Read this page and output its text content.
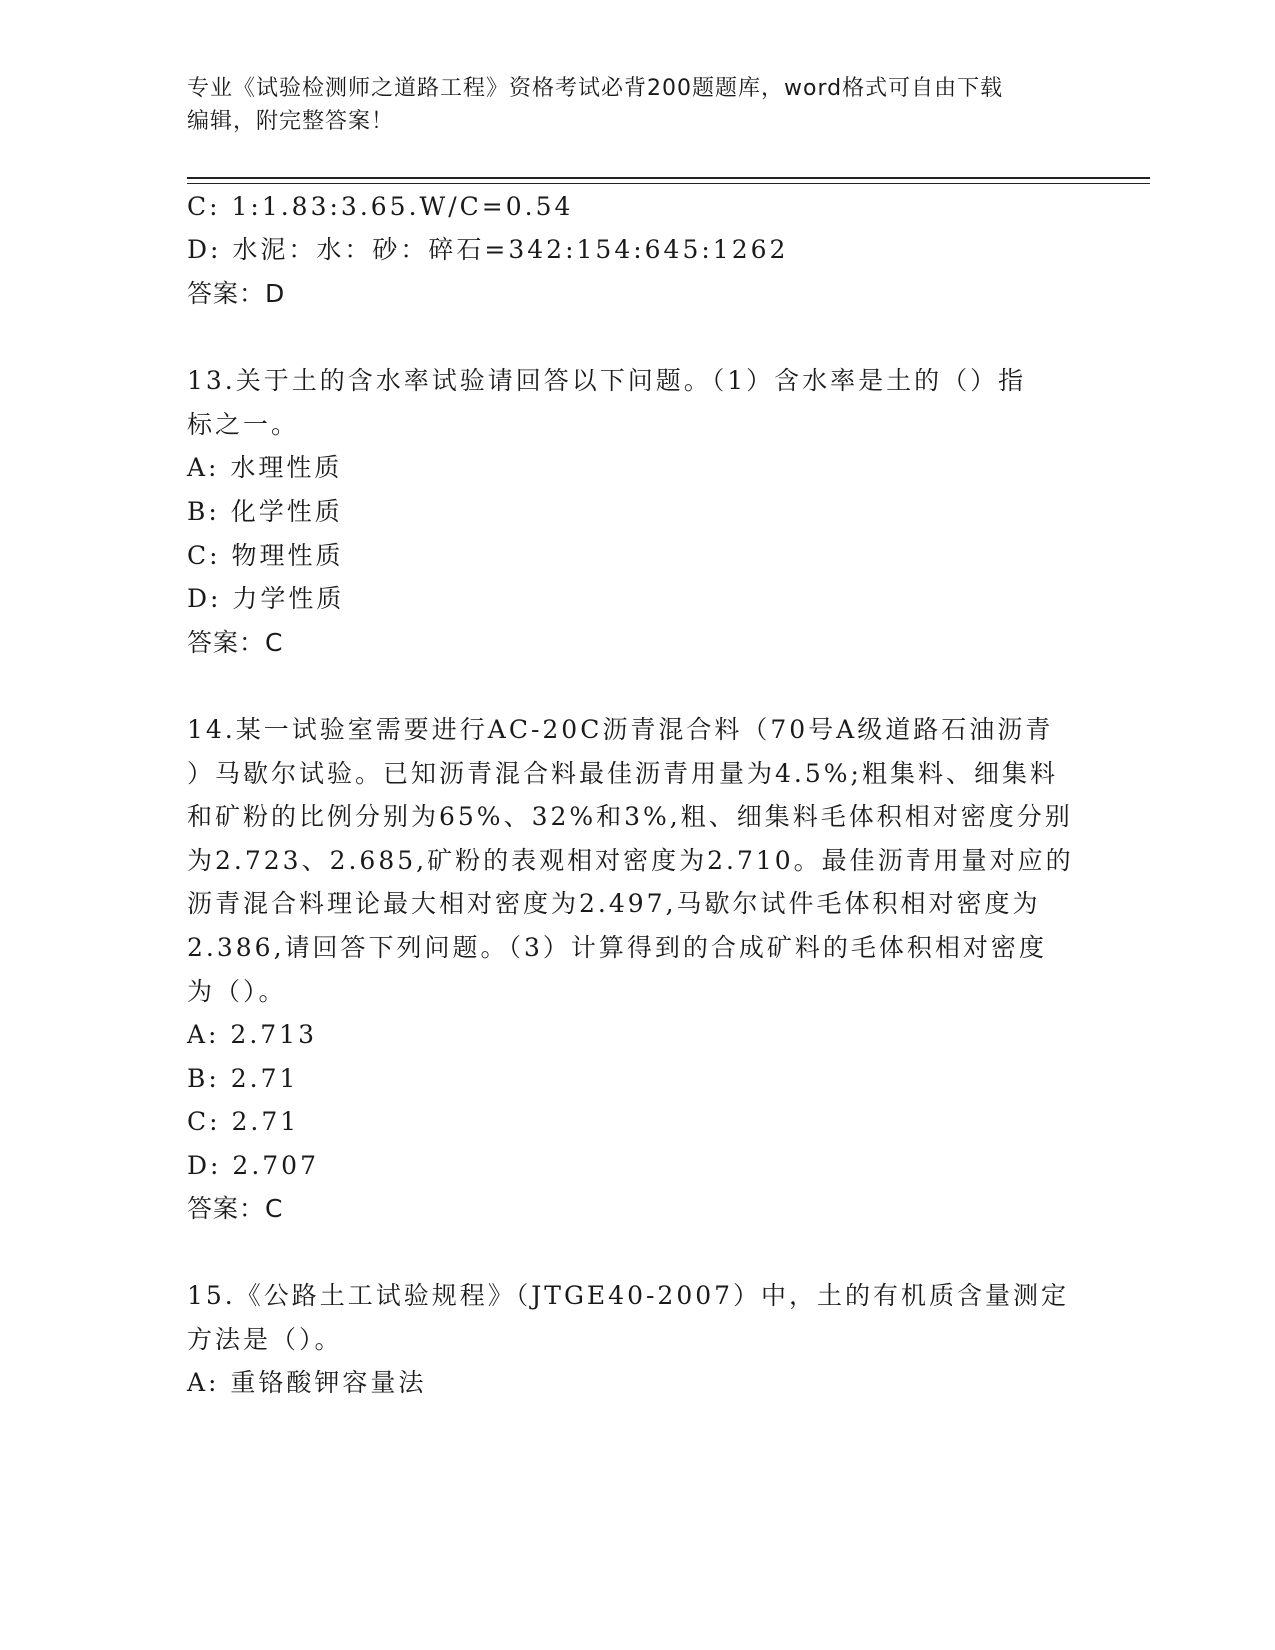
专业《试验检测师之道路工程》资格考试必背200题题库，word格式可自由下载
编辑，附完整答案！
C: 1:1.83:3.65.W/C=0.54
D: 水泥：水：砂：碎石=342:154:645:1262
答案：D
13.关于土的含水率试验请回答以下问题。（1）含水率是土的（）指
标之一。
A: 水理性质
B: 化学性质
C: 物理性质
D: 力学性质
答案：C
14.某一试验室需要进行AC-20C沥青混合料（70号A级道路石油沥青
）马歇尔试验。已知沥青混合料最佳沥青用量为4.5%;粗集料、细集料
和矿粉的比例分别为65%、32%和3%,粗、细集料毛体积相对密度分别
为2.723、2.685,矿粉的表观相对密度为2.710。最佳沥青用量对应的
沥青混合料理论最大相对密度为2.497,马歇尔试件毛体积相对密度为
2.386,请回答下列问题。（3）计算得到的合成矿料的毛体积相对密度
为（）。
A: 2.713
B: 2.71
C: 2.71
D: 2.707
答案：C
15.《公路土工试验规程》（JTGE40-2007）中，土的有机质含量测定
方法是（）。
A: 重铬酸钾容量法
